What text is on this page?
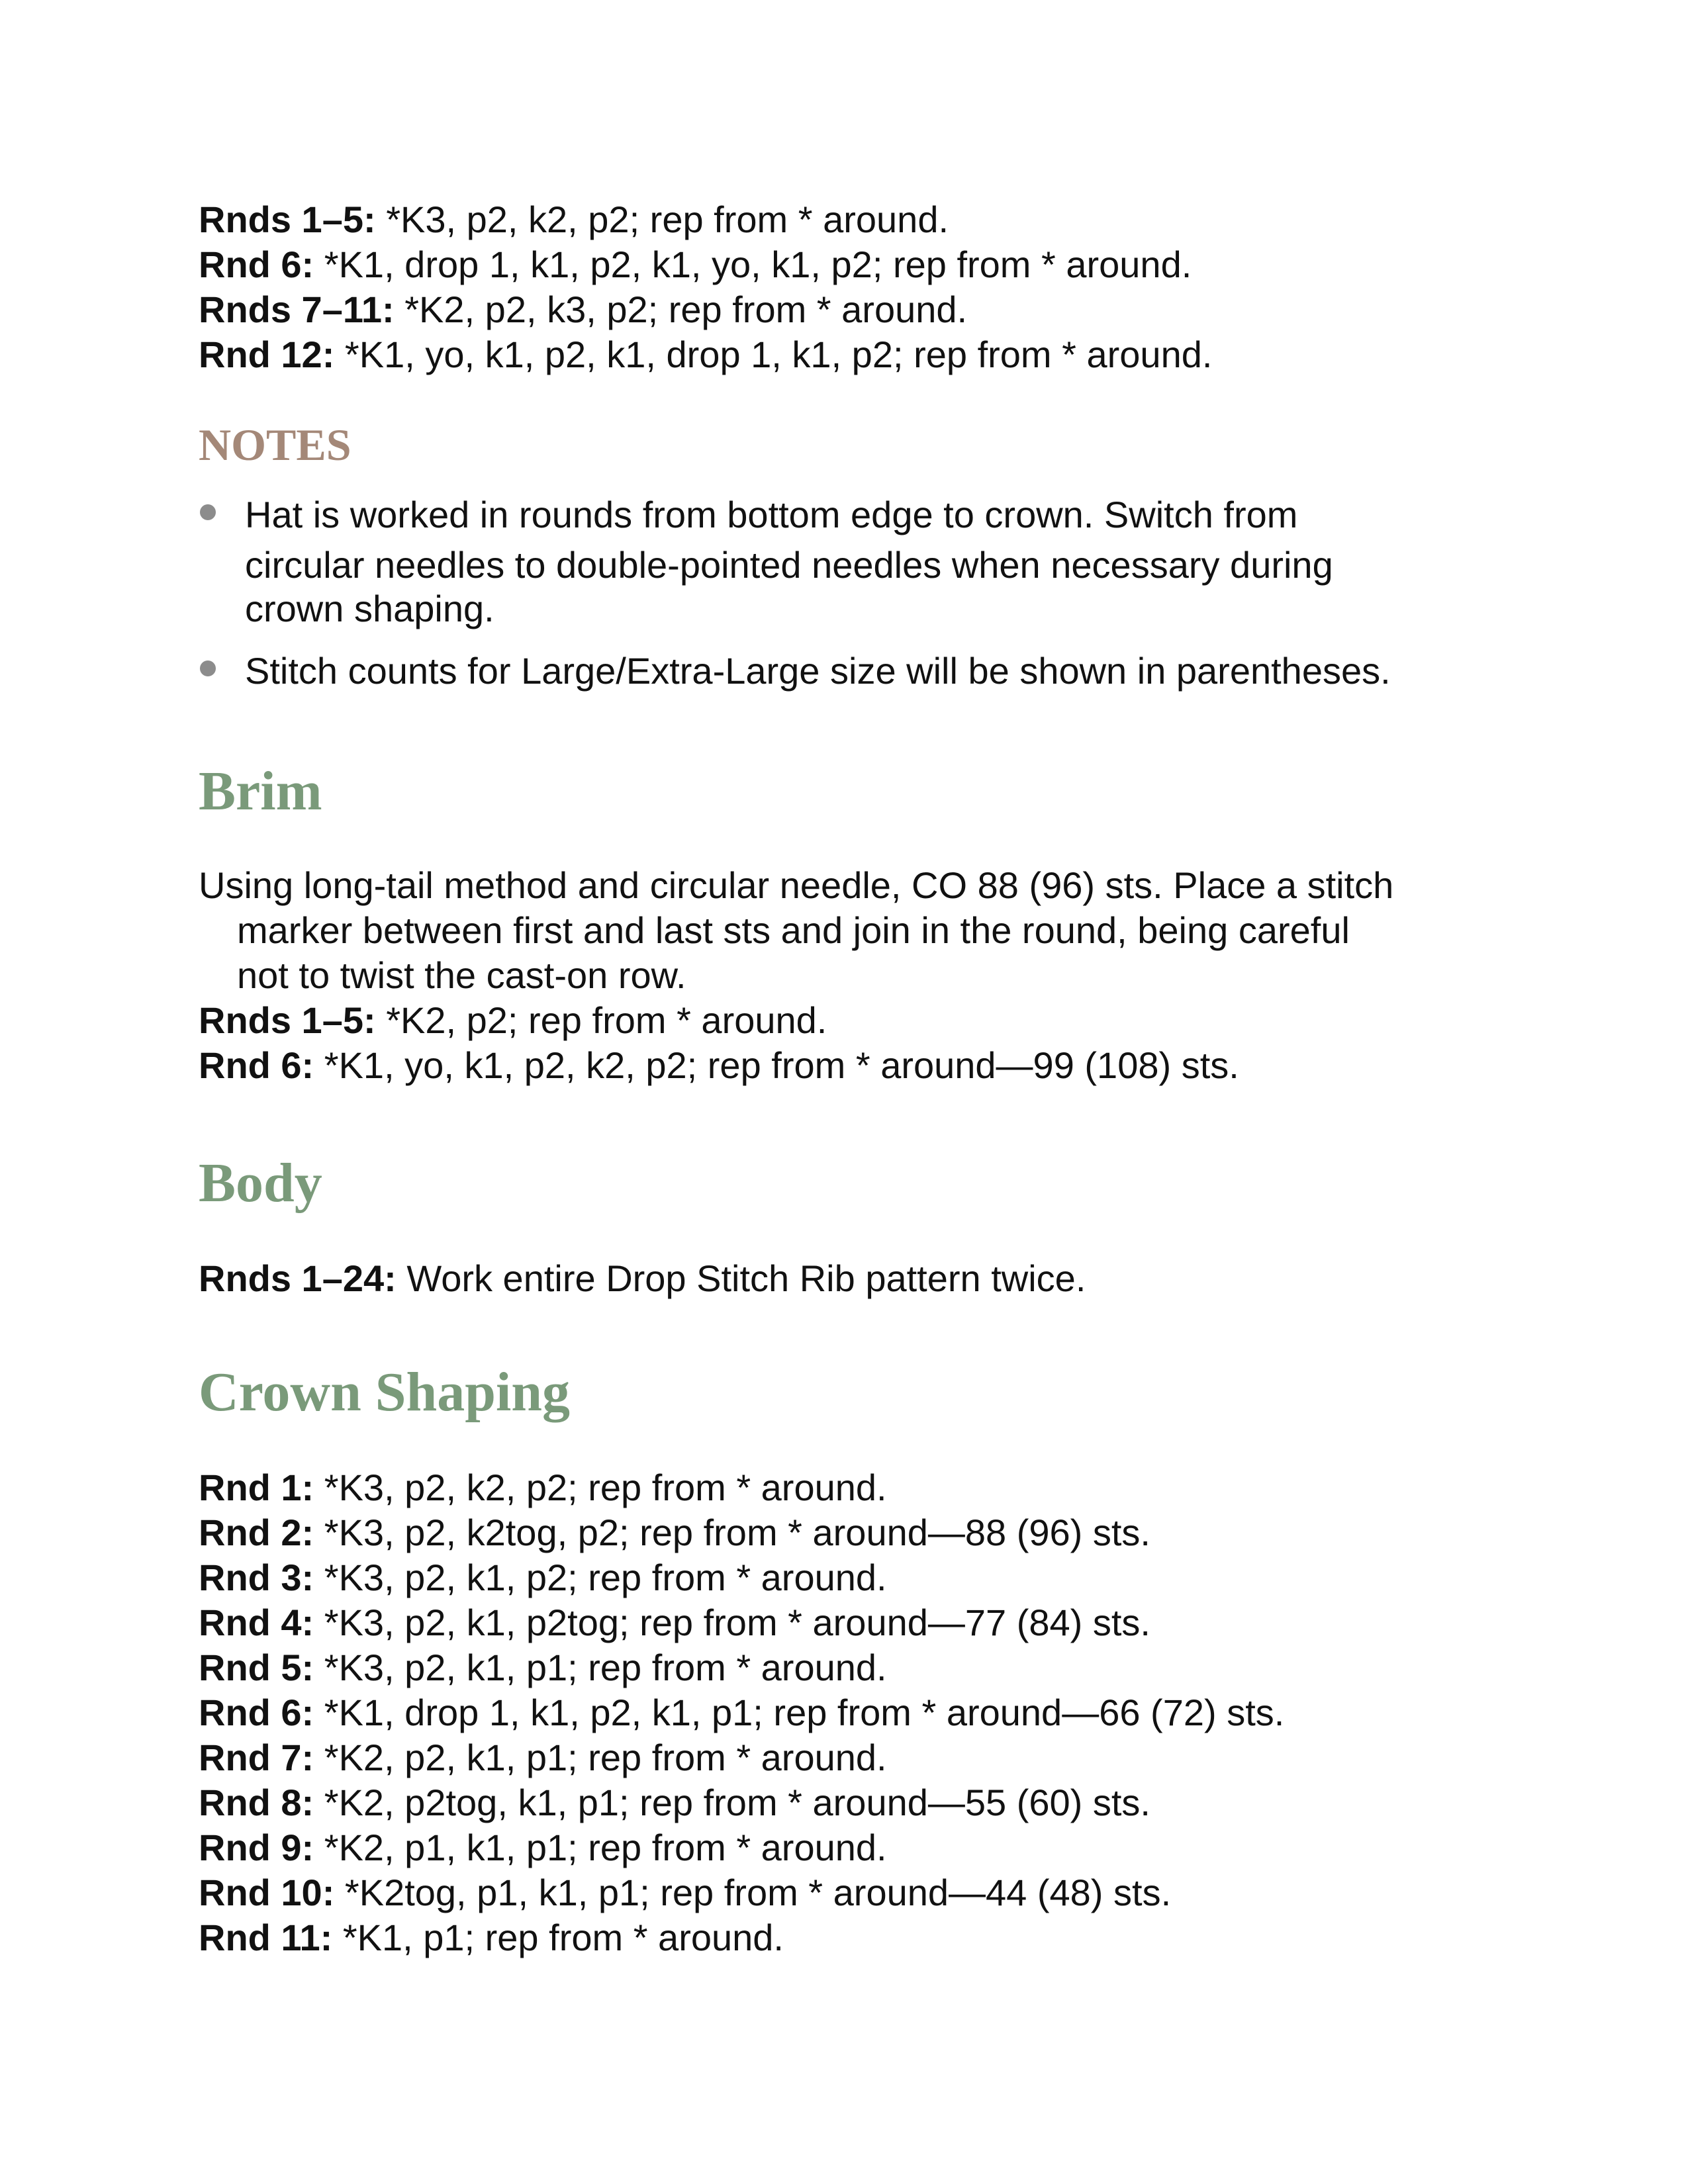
Rnds 1–5: *K3, p2, k2, p2; rep from * around.
Rnd 6: *K1, drop 1, k1, p2, k1, yo, k1, p2; rep from * around.
Rnds 7–11: *K2, p2, k3, p2; rep from * around.
Rnd 12: *K1, yo, k1, p2, k1, drop 1, k1, p2; rep from * around.
NOTES
Hat is worked in rounds from bottom edge to crown. Switch from
circular needles to double-pointed needles when necessary during
crown shaping.
Stitch counts for Large/Extra-Large size will be shown in parentheses.
Brim
Using long-tail method and circular needle, CO 88 (96) sts. Place a stitch
marker between first and last sts and join in the round, being careful
not to twist the cast-on row.
Rnds 1–5: *K2, p2; rep from * around.
Rnd 6: *K1, yo, k1, p2, k2, p2; rep from * around—99 (108) sts.
Body
Rnds 1–24: Work entire Drop Stitch Rib pattern twice.
Crown Shaping
Rnd 1: *K3, p2, k2, p2; rep from * around.
Rnd 2: *K3, p2, k2tog, p2; rep from * around—88 (96) sts.
Rnd 3: *K3, p2, k1, p2; rep from * around.
Rnd 4: *K3, p2, k1, p2tog; rep from * around—77 (84) sts.
Rnd 5: *K3, p2, k1, p1; rep from * around.
Rnd 6: *K1, drop 1, k1, p2, k1, p1; rep from * around—66 (72) sts.
Rnd 7: *K2, p2, k1, p1; rep from * around.
Rnd 8: *K2, p2tog, k1, p1; rep from * around—55 (60) sts.
Rnd 9: *K2, p1, k1, p1; rep from * around.
Rnd 10: *K2tog, p1, k1, p1; rep from * around—44 (48) sts.
Rnd 11: *K1, p1; rep from * around.
